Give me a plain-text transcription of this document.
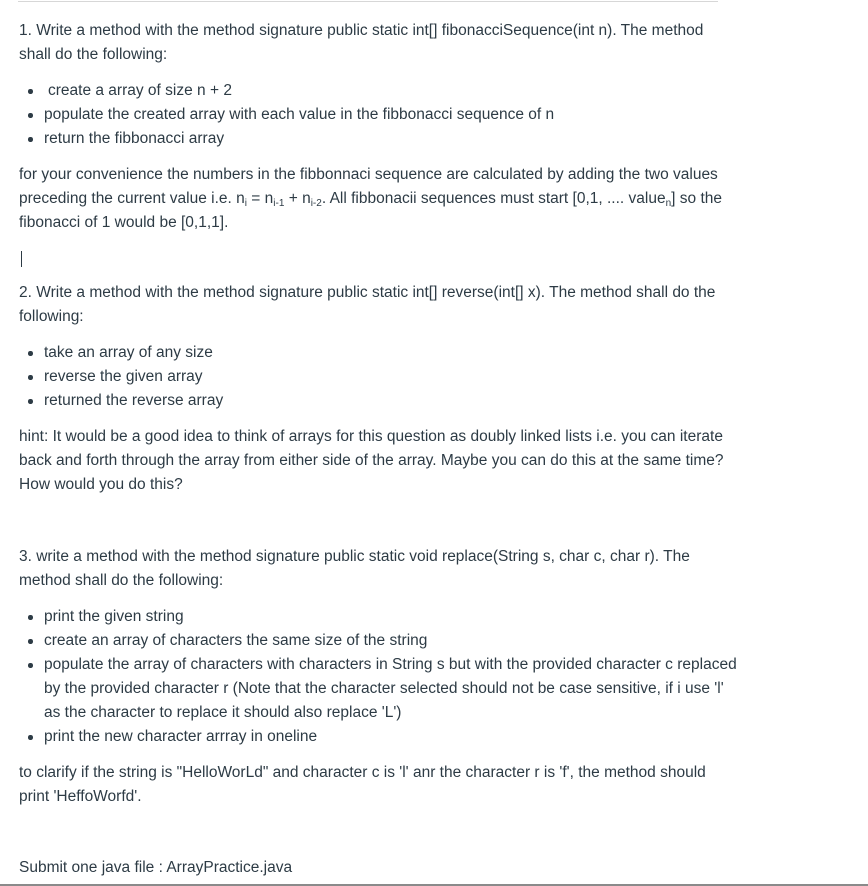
1. Write a method with the method signature public static int[] fibonacciSequence(int n). The method shall do the following:

create a array of size n + 2
populate the created array with each value in the fibbonacci sequence of n
return the fibbonacci array

for your convenience the numbers in the fibbonnaci sequence are calculated by adding the two values preceding the current value i.e. $n_i = n_{i-1} + n_{i-2}$. All fibbonacii sequences must start [0,1, .... value$_n$] so the fibonacci of 1 would be [0,1,1].

2. Write a method with the method signature public static int[] reverse(int[] x). The method shall do the following:

take an array of any size
reverse the given array
returned the reverse array

hint: It would be a good idea to think of arrays for this question as doubly linked lists i.e. you can iterate back and forth through the array from either side of the array. Maybe you can do this at the same time? How would you do this?

3. write a method with the method signature public static void replace(String s, char c, char r). The method shall do the following:

print the given string
create an array of characters the same size of the string
populate the array of characters with characters in String s but with the provided character c replaced by the provided character r (Note that the character selected should not be case sensitive, if i use 'l' as the character to replace it should also replace 'L')
print the new character arrray in oneline

to clarify if the string is "HelloWorLd" and character c is 'l' anr the character r is 'f', the method should print 'HeffoWorfd'.

Submit one java file : ArrayPractice.java
